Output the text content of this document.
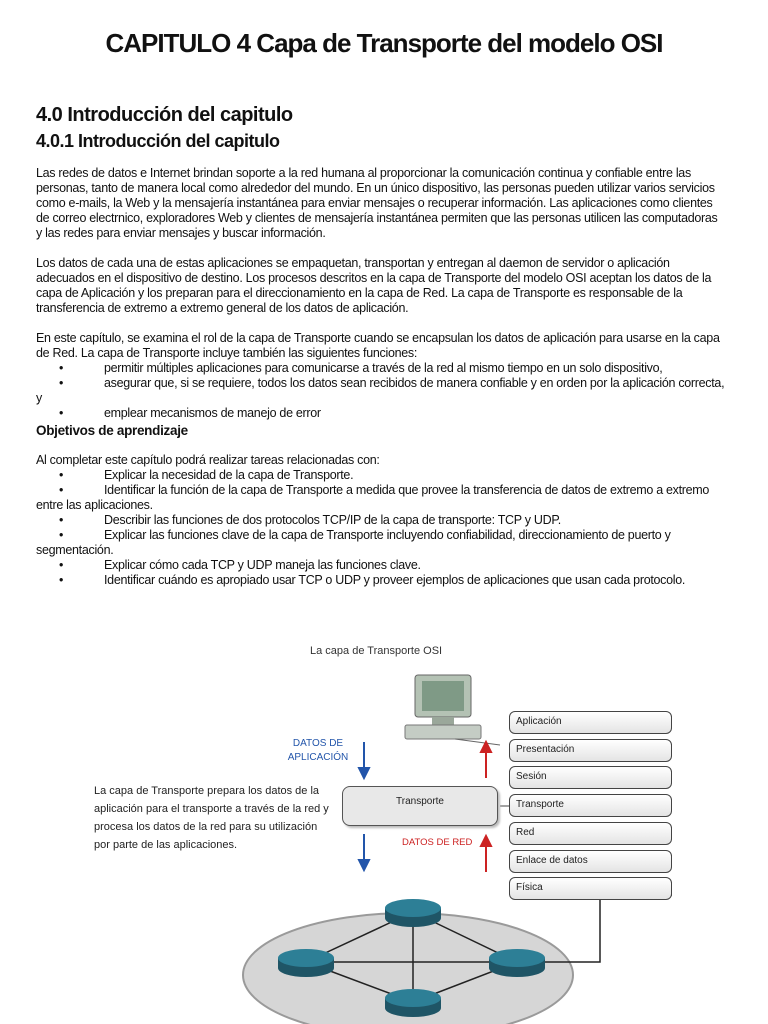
CAPITULO 4 Capa de Transporte del modelo OSI
4.0 Introducción del capitulo
4.0.1 Introducción del capitulo

Las redes de datos e Internet brindan soporte a la red humana al proporcionar la comunicación continua y confiable entre las personas, tanto de manera local como alrededor del mundo. En un único dispositivo, las personas pueden utilizar varios servicios como e-mails, la Web y la mensajería instantánea para enviar mensajes o recuperar información. Las aplicaciones como clientes de correo electrnico, exploradores Web y clientes de mensajería instantánea permiten que las personas utilicen las computadoras y las redes para enviar mensajes y buscar información.

Los datos de cada una de estas aplicaciones se empaquetan, transportan y entregan al daemon de servidor o aplicación adecuados en el dispositivo de destino. Los procesos descritos en la capa de Transporte del modelo OSI aceptan los datos de la capa de Aplicación y los preparan para el direccionamiento en la capa de Red. La capa de Transporte es responsable de la transferencia de extremo a extremo general de los datos de aplicación.

En este capítulo, se examina el rol de la capa de Transporte cuando se encapsulan los datos de aplicación para usarse en la capa de Red. La capa de Transporte incluye también las siguientes funciones:

•	permitir múltiples aplicaciones para comunicarse a través de la red al mismo tiempo en un solo dispositivo,
•	asegurar que, si se requiere, todos los datos sean recibidos de manera confiable y en orden por la aplicación correcta, y
•	emplear mecanismos de manejo de error
Objetivos de aprendizaje

Al completar este capítulo podrá realizar tareas relacionadas con:

•	Explicar la necesidad de la capa de Transporte.
•	Identificar la función de la capa de Transporte a medida que provee la transferencia de datos de extremo a extremo entre las aplicaciones.
•	Describir las funciones de dos protocolos TCP/IP de la capa de transporte: TCP y UDP.
•	Explicar las funciones clave de la capa de Transporte incluyendo confiabilidad, direccionamiento de puerto y segmentación.
•	Explicar cómo cada TCP y UDP maneja las funciones clave.
•	Identificar cuándo es apropiado usar TCP o UDP y proveer ejemplos de aplicaciones que usan cada protocolo.
La capa de Transporte OSI
DATOS DE APLICACIÓN
La capa de Transporte prepara los datos de la aplicación para el transporte a través de la red y procesa los datos de la red para su utilización por parte de las aplicaciones.
Transporte
DATOS DE RED
Aplicación
Presentación
Sesión
Transporte
Red
Enlace de datos
Física
